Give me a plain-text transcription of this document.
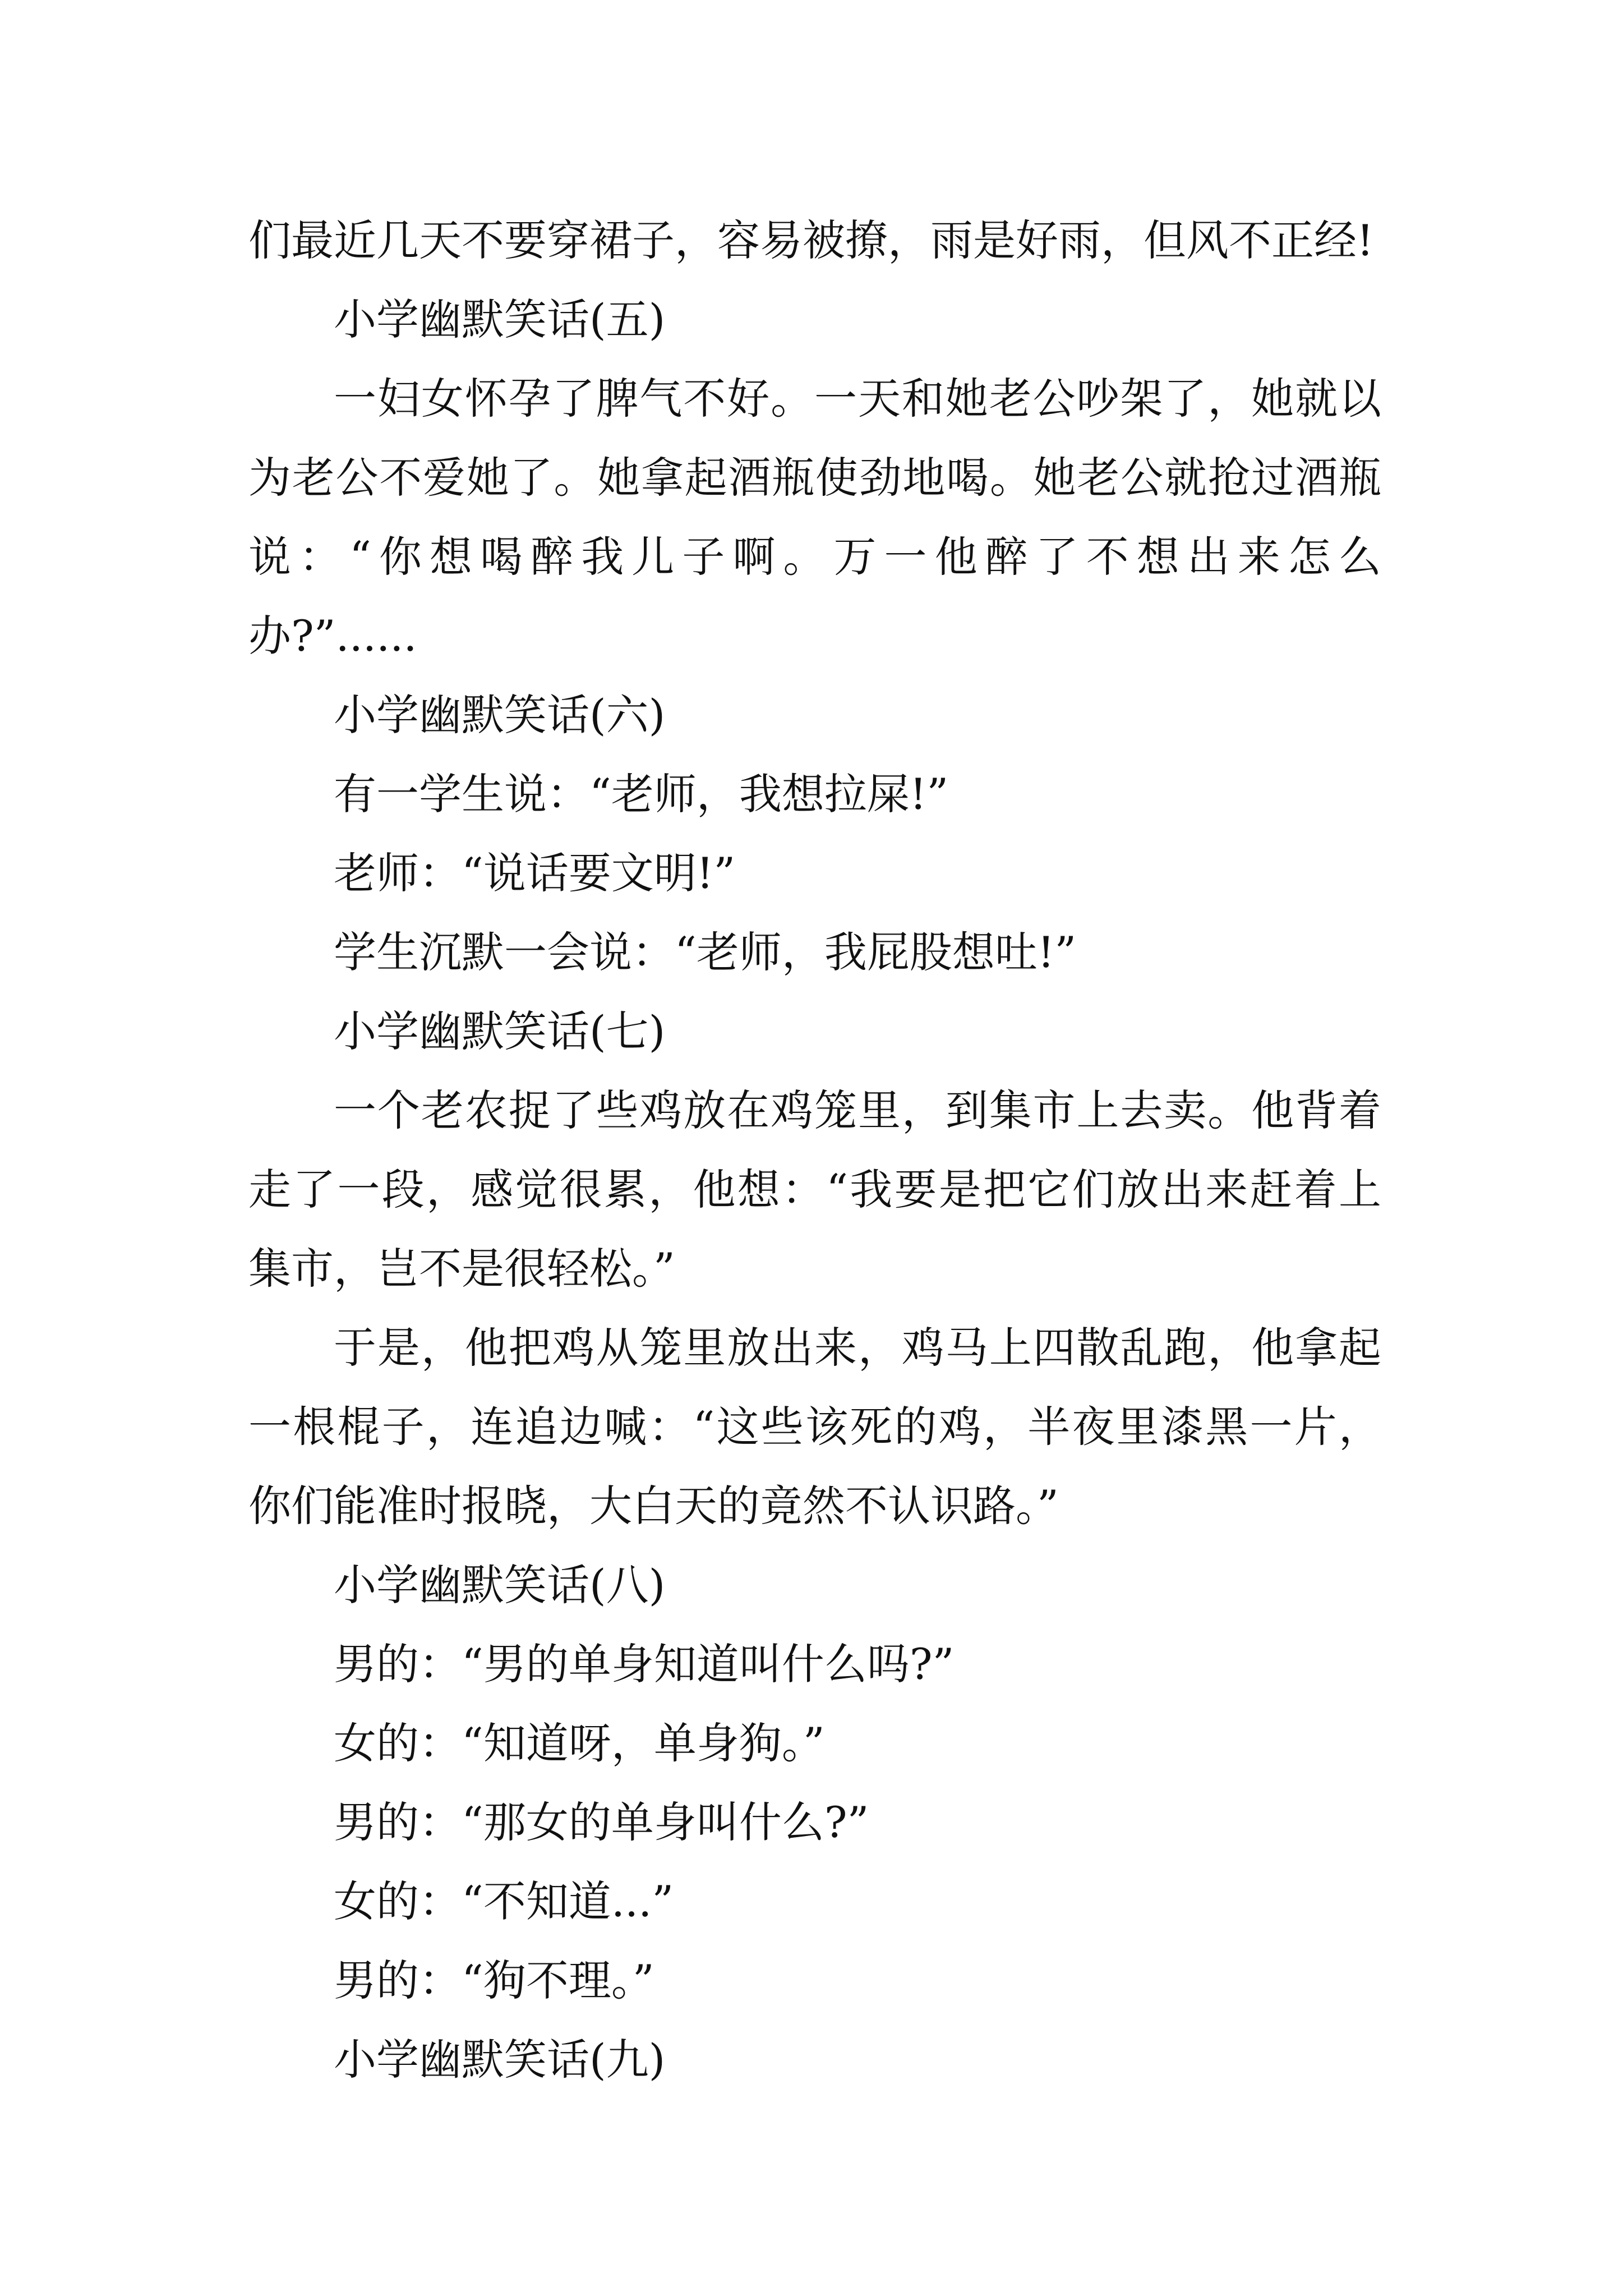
们最近几天不要穿裙子，容易被撩，雨是好雨，但风不正经!

小学幽默笑话(五)

一妇女怀孕了脾气不好。一天和她老公吵架了，她就以

为老公不爱她了。她拿起酒瓶使劲地喝。她老公就抢过酒瓶

说：“你想喝醉我儿子啊。万一他醉了不想出来怎么

办?”......

小学幽默笑话(六)

有一学生说：“老师，我想拉屎!”

老师：“说话要文明!”

学生沉默一会说：“老师，我屁股想吐!”

小学幽默笑话(七)

一个老农捉了些鸡放在鸡笼里，到集市上去卖。他背着

走了一段，感觉很累，他想：“我要是把它们放出来赶着上

集市，岂不是很轻松。”

于是，他把鸡从笼里放出来，鸡马上四散乱跑，他拿起

一根棍子，连追边喊：“这些该死的鸡，半夜里漆黑一片，

你们能准时报晓，大白天的竟然不认识路。”

小学幽默笑话(八)

男的：“男的单身知道叫什么吗?”

女的：“知道呀，单身狗。”

男的：“那女的单身叫什么?”

女的：“不知道...”

男的：“狗不理。”

小学幽默笑话(九)
